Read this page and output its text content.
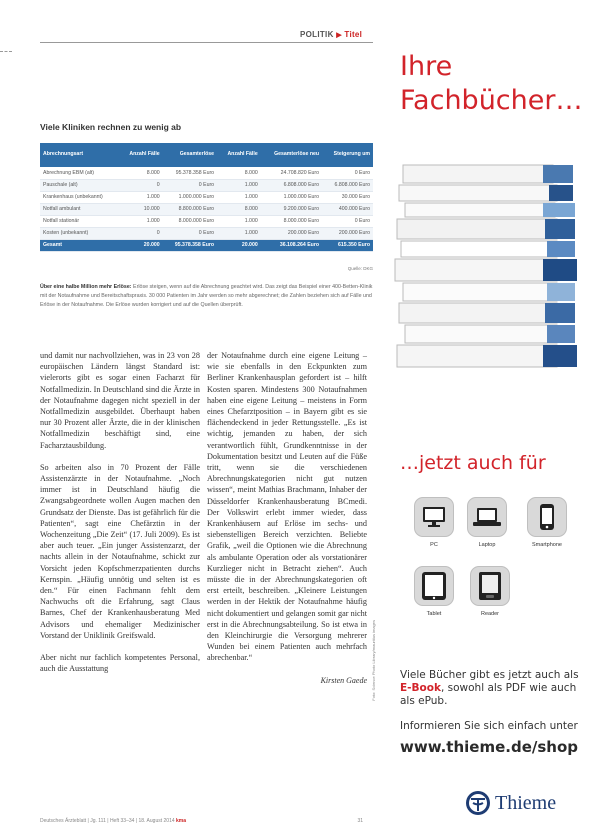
POLITIK ▶ Titel
Viele Kliniken rechnen zu wenig ab
Abrechnungsart	Anzahl Fälle	Gesamterlöse	Anzahl Fälle	Gesamterlöse neu	Steigerung um
Abrechnung EBM (alt)	8.000	95.378.358 Euro	8.000	24.708.820 Euro	0 Euro
Pauschale (alt)	0	0 Euro	1.000	6.808.000 Euro	6.808.000 Euro
Krankenhaus (unbekannt)	1.000	1.000.000 Euro	1.000	1.000.000 Euro	30.000 Euro
Notfall ambulant	10.000	8.800.000 Euro	8.000	9.200.000 Euro	400.000 Euro
Notfall stationär	1.000	8.000.000 Euro	1.000	8.000.000 Euro	0 Euro
Kosten (unbekannt)	0	0 Euro	1.000	200.000 Euro	200.000 Euro
Gesamt	20.000	95.378.358 Euro	20.000	36.108.264 Euro	615.350 Euro
Quelle: DKG
Über eine halbe Million mehr Erlöse: Erlöse steigen, wenn auf die Abrechnung geachtet wird. Das zeigt das Beispiel einer 400-Betten-Klinik mit der Notaufnahme und Bereitschaftspraxis. 30 000 Patienten im Jahr werden so mehr abgerechnet; die Zahlen beziehen sich auf Fälle und Erlöse in der Notaufnahme. Die Erlöse wurden korrigiert und auf die Quellen überprüft.

und damit nur nachvollziehen, was in 23 von 28 europäischen Ländern längst Standard ist: vielerorts gibt es sogar einen Facharzt für Notfallmedizin. In Deutschland sind die Ärzte in der Notaufnahme dagegen nicht speziell in der Notfallmedizin ausgebildet. Überhaupt haben nur 30 Prozent aller Ärzte, die in der klinischen Notfallmedizin beschäftigt sind, eine Facharztausbildung.

So arbeiten also in 70 Prozent der Fälle Assistenzärzte in der Notaufnahme. „Noch immer ist in Deutschland häufig die Zwangsabgeordnete wollen Augen machen den Grundsatz der Dienste. Das ist gefährlich für die Patienten“, sagt eine Chefärztin in der Wochenzeitung „Die Zeit“ (17. Juli 2009). Es ist aber auch teuer. „Ein junger Assistenzarzt, der nachts allein in der Notaufnahme, schickt zur Vorsicht jeden Kopfschmerzpatienten durchs Kernspin. „Häufig unnötig und selten ist es den.“ Für einen Fachmann fehlt dem Nachwuchs oft die Erfahrung, sagt Claus Barnes, Chef der Krankenhausberatung Med Advisors und ehemaliger Medizinischer Vorstand der Uniklinik Greifswald.

Aber nicht nur fachlich kompetentes Personal, auch die Ausstattung

der Notaufnahme durch eine eigene Leitung – wie sie ebenfalls in den Eckpunkten zum Berliner Krankenhausplan gefordert ist – hilft Kosten sparen. Mindestens 300 Notaufnahmen haben eine eigene Leitung – meistens in Form eines Chefarztposition – in Bayern gibt es sie flächendeckend in jeder Rettungsstelle. „Es ist wichtig, jemanden zu haben, der sich verantwortlich fühlt, Grundkenntnisse in der Dokumentation besitzt und Leuten auf die Füße tritt, wenn sie die verschiedenen Abrechnungskategorien nicht gut nutzen wissen“, meint Mathias Brachmann, Inhaber der Düsseldorfer Krankenhausberatung BCmedi. Der Volkswirt erlebt immer wieder, dass Krankenhäusern auf Erlöse im sechs- und siebenstelligen Bereich verzichten. Beliebte Grafik, „weil die Optionen wie die Abrechnung als ambulante Operation oder als vorstationärer Kurzlieger nicht in Betracht ziehen“. Auch müsste die in der Abrechnungskategorien oft erst erteilt, beschreiben. „Kleinere Leistungen werden in der Hektik der Notaufnahme häufig nicht dokumentiert und gelangen somit gar nicht erst in die Abrechnungsabteilung. So ist etwa in den Kleinchirurgie die Versorgung mehrerer Wunden bei einem Patienten auch mehrfach abrechenbar.“

Kirsten Gaede Foto: Science Photo Library/mauritius images
Deutsches Ärzteblatt | Jg. 111 | Heft 33–34 | 18. August 2014 kma	31
Ihre
Fachbücher…
…jetzt auch für
PC	Laptop	Smartphone
Tablet	Reader
Viele Bücher gibt es jetzt auch als E-Book, sowohl als PDF wie auch als ePub.
Informieren Sie sich einfach unter
www.thieme.de/shop
Thieme
